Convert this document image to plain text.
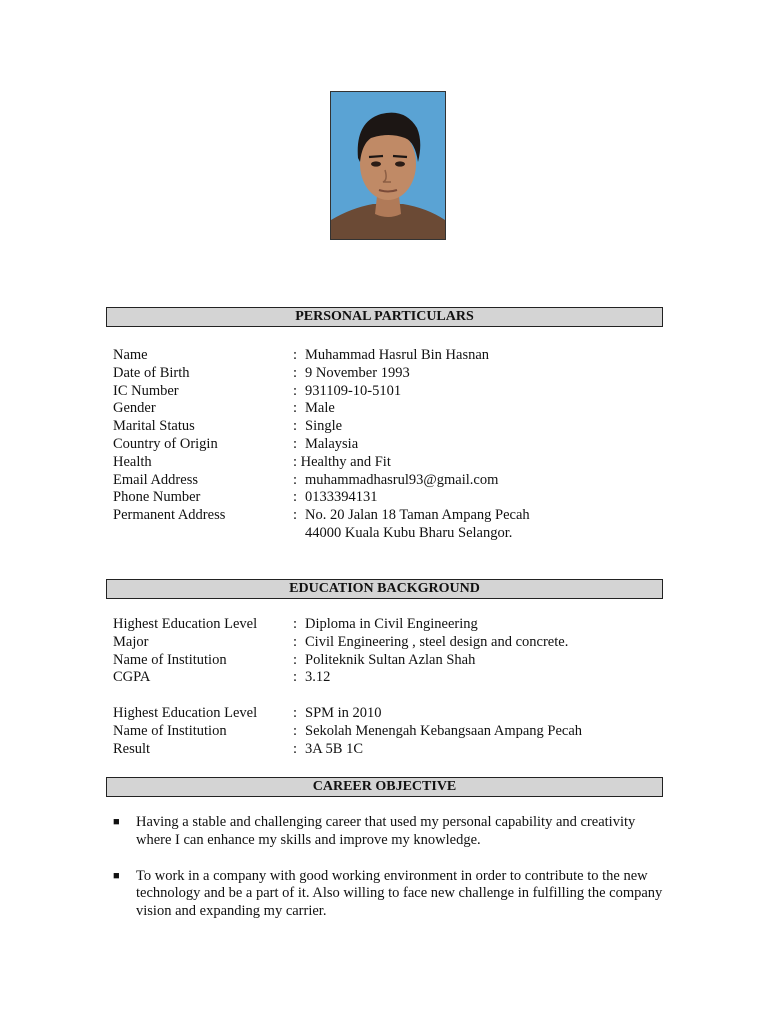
PERSONAL PARTICULARS
Name	: Muhammad Hasrul Bin Hasnan
Date of Birth	: 9 November 1993
IC Number	: 931109-10-5101
Gender	: Male
Marital Status	: Single
Country of Origin	: Malaysia
Health	: Healthy and Fit
Email Address	: muhammadhasrul93@gmail.com
Phone Number	: 0133394131
Permanent Address	: No. 20 Jalan 18 Taman Ampang Pecah
44000 Kuala Kubu Bharu Selangor.
EDUCATION BACKGROUND
Highest Education Level : Diploma in Civil Engineering
Major	: Civil Engineering , steel design and concrete.
Name of Institution	: Politeknik Sultan Azlan Shah
CGPA	: 3.12
Highest Education Level : SPM in 2010
Name of Institution	: Sekolah Menengah Kebangsaan Ampang Pecah
Result	: 3A 5B 1C
CAREER OBJECTIVE
■ Having a stable and challenging career that used my personal capability and creativity where I can enhance my skills and improve my knowledge.
■ To work in a company with good working environment in order to contribute to the new technology and be a part of it. Also willing to face new challenge in fulfilling the company vision and expanding my carrier.
